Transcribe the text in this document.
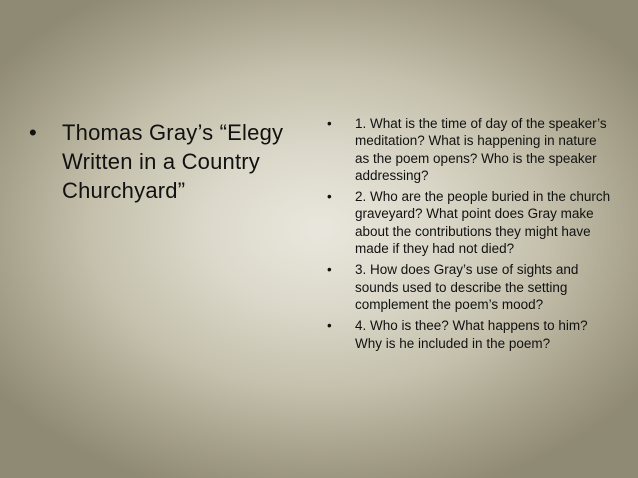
• Thomas Gray’s “Elegy Written in a Country Churchyard”
• 1. What is the time of day of the speaker’s meditation? What is happening in nature as the poem opens? Who is the speaker addressing?
• 2. Who are the people buried in the church graveyard? What point does Gray make about the contributions they might have made if they had not died?
• 3. How does Gray’s use of sights and sounds used to describe the setting complement the poem’s mood?
• 4. Who is thee? What happens to him? Why is he included in the poem?
